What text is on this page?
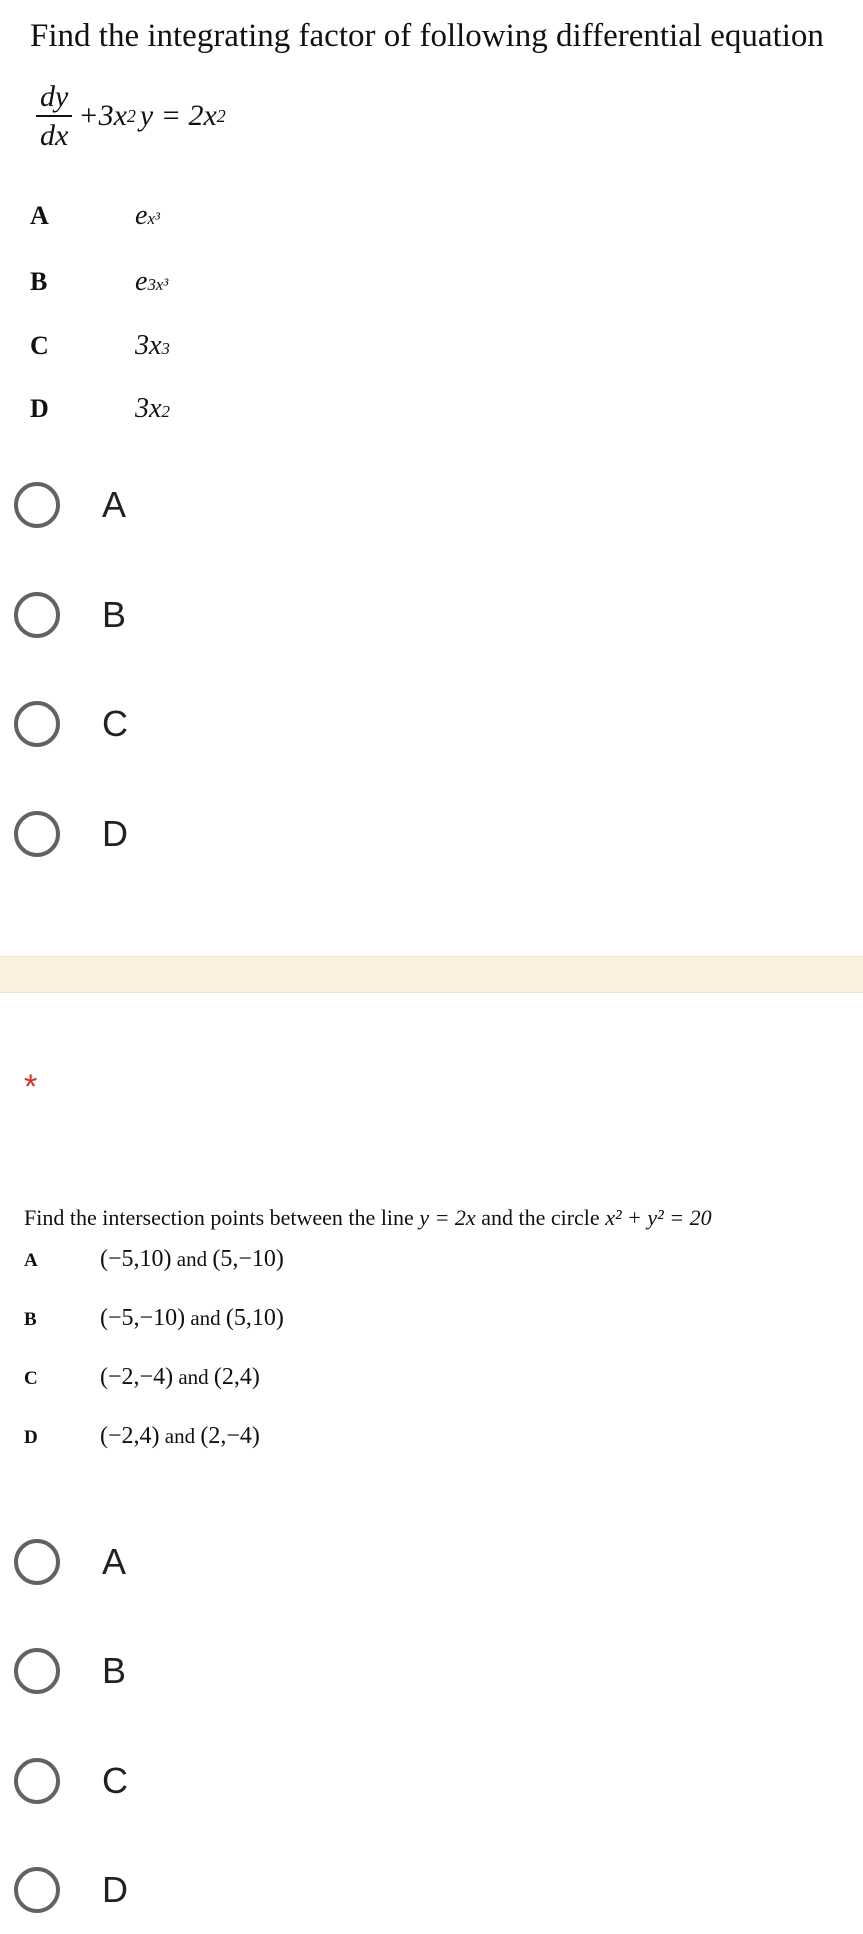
Find the integrating factor of following differential equation
$\frac{dy}{dx} +3x$ 2 y = 2x 2
A	e x³
B	e 3x³
C	3x 3
D	3x 2
A
B
C
D
*
Find the intersection points between the line y = 2x and the circle x² + y² = 20
A	(−5,10) and (5,−10)
B	(−5,−10) and (5,10)
C	(−2,−4) and (2,4)
D	(−2,4) and (2,−4)
A
B
C
D
